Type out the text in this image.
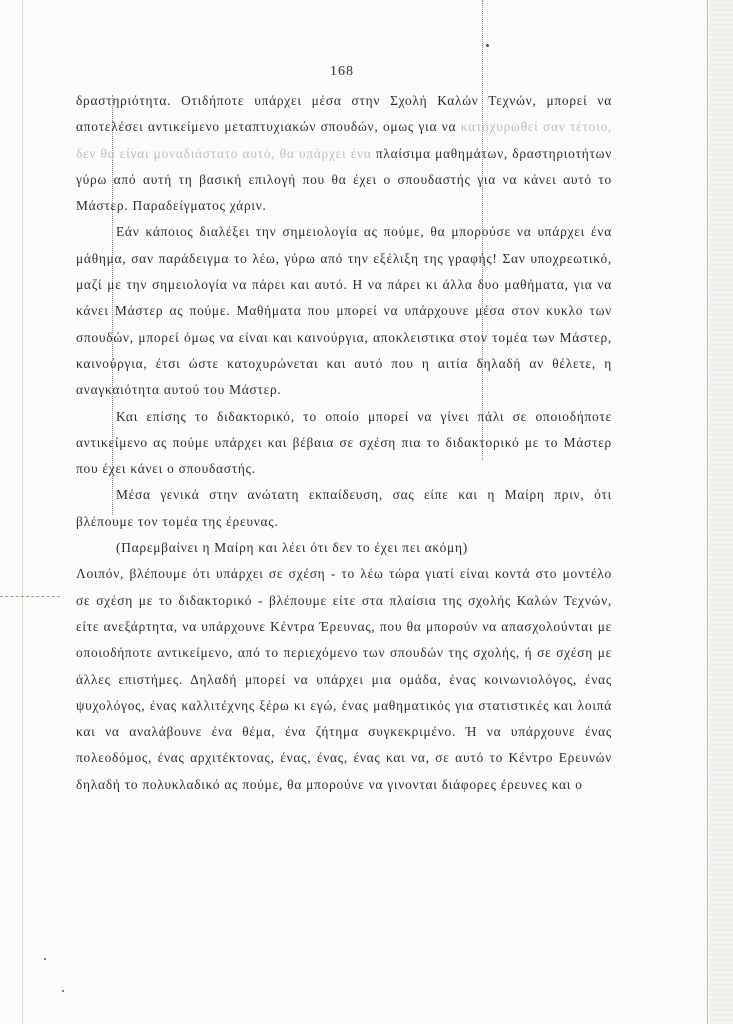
168

δραστηριότητα. Οτιδήποτε υπάρχει μέσα στην Σχολή Καλών Τεχνών, μπορεί να αποτελέσει αντικείμενο μεταπτυχιακών σπουδών, ομως για να κατοχυρωθεί σαν τέτοιο, δεν θα είναι μοναδιάστατο αυτό, θα υπάρχει ένα πλαίσιμα μαθημάτων, δραστηριοτήτων γύρω από αυτή τη βασική επιλογή που θα έχει ο σπουδαστής για να κάνει αυτό το Μάστερ. Παραδείγματος χάριν.

Εάν κάποιος διαλέξει την σημειολογία ας πούμε, θα μπορούσε να υπάρχει ένα μάθημα, σαν παράδειγμα το λέω, γύρω από την εξέλιξη της γραφής! Σαν υποχρεωτικό, μαζί με την σημειολογία να πάρει και αυτό. Η να πάρει κι άλλα δυο μαθήματα, για να κάνει Μάστερ ας πούμε. Μαθήματα που μπορεί να υπάρχουνε μέσα στον κυκλο των σπουδών, μπορεί όμως να είναι και καινούργια, αποκλειστικα στον τομέα των Μάστερ, καινούργια, έτσι ώστε κατοχυρώνεται και αυτό που η αιτία δηλαδή αν θέλετε, η αναγκαιότητα αυτού του Μάστερ.

Και επίσης το διδακτορικό, το οποίο μπορεί να γίνει πάλι σε οποιοδήποτε αντικείμενο ας πούμε υπάρχει και βέβαια σε σχέση πια το διδακτορικό με το Μάστερ που έχει κάνει ο σπουδαστής.

Μέσα γενικά στην ανώτατη εκπαίδευση, σας είπε και η Μαίρη πριν, ότι βλέπουμε τον τομέα της έρευνας.

(Παρεμβαίνει η Μαίρη και λέει ότι δεν το έχει πει ακόμη)

Λοιπόν, βλέπουμε ότι υπάρχει σε σχέση - το λέω τώρα γιατί είναι κοντά στο μοντέλο σε σχέση με το διδακτορικό - βλέπουμε είτε στα πλαίσια της σχολής Καλών Τεχνών, είτε ανεξάρτητα, να υπάρχουνε Κέντρα Έρευνας, που θα μπορούν να απασχολούνται με οποιοδήποτε αντικείμενο, από το περιεχόμενο των σπουδών της σχολής, ή σε σχέση με άλλες επιστήμες. Δηλαδή μπορεί να υπάρχει μια ομάδα, ένας κοινωνιολόγος, ένας ψυχολόγος, ένας καλλιτέχνης ξέρω κι εγώ, ένας μαθηματικός για στατιστικές και λοιπά και να αναλάβουνε ένα θέμα, ένα ζήτημα συγκεκριμένο. Ή να υπάρχουνε ένας πολεοδόμος, ένας αρχιτέκτονας, ένας, ένας, ένας και να, σε αυτό το Κέντρο Ερευνών δηλαδή το πολυκλαδικό ας πούμε, θα μπορούνε να γινονται διάφορες έρευνες και ο
